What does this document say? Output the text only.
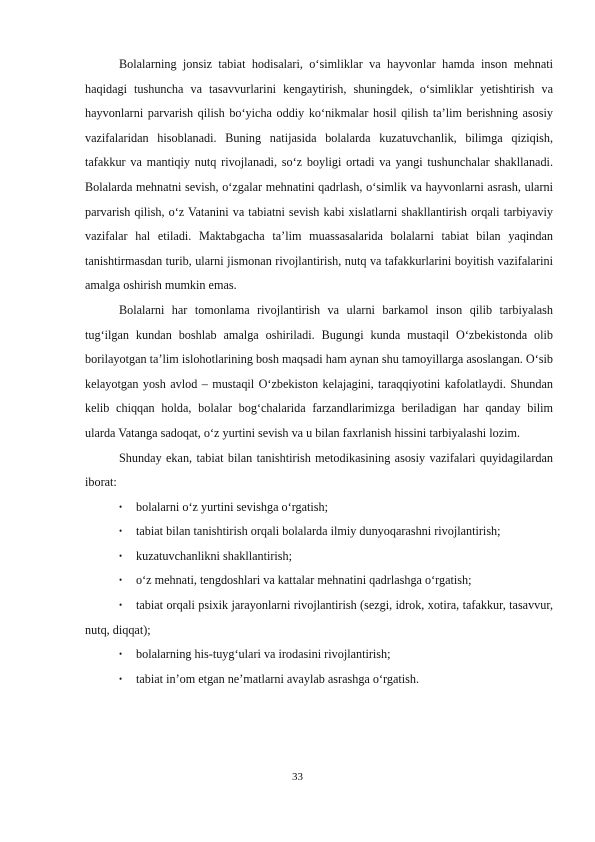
Bolalarning jonsiz tabiat hodisalari, o‘simliklar va hayvonlar hamda inson mehnati haqidagi tushuncha va tasavvurlarini kengaytirish, shuningdek, o‘simliklar yetishtirish va hayvonlarni parvarish qilish bo‘yicha oddiy ko‘nikmalar hosil qilish ta’lim berishning asosiy vazifalaridan hisoblanadi. Buning natijasida bolalarda kuzatuvchanlik, bilimga qiziqish, tafakkur va mantiqiy nutq rivojlanadi, so‘z boyligi ortadi va yangi tushunchalar shakllanadi. Bolalarda mehnatni sevish, o‘zgalar mehnatini qadrlash, o‘simlik va hayvonlarni asrash, ularni parvarish qilish, o‘z Vatanini va tabiatni sevish kabi xislatlarni shakllantirish orqali tarbiyaviy vazifalar hal etiladi. Maktabgacha ta’lim muassasalarida bolalarni tabiat bilan yaqindan tanishtirmasdan turib, ularni jismonan rivojlantirish, nutq va tafakkurlarini boyitish vazifalarini amalga oshirish mumkin emas.

Bolalarni har tomonlama rivojlantirish va ularni barkamol inson qilib tarbiyalash tug‘ilgan kundan boshlab amalga oshiriladi. Bugungi kunda mustaqil O‘zbekistonda olib borilayotgan ta’lim islohotlarining bosh maqsadi ham aynan shu tamoyillarga asoslangan. O‘sib kelayotgan yosh avlod – mustaqil O‘zbekiston kelajagini, taraqqiyotini kafolatlaydi. Shundan kelib chiqqan holda, bolalar bog‘chalarida farzandlarimizga beriladigan har qanday bilim ularda Vatanga sadoqat, o‘z yurtini sevish va u bilan faxrlanish hissini tarbiyalashi lozim.

Shunday ekan, tabiat bilan tanishtirish metodikasining asosiy vazifalari quyidagilardan iborat:

• bolalarni o‘z yurtini sevishga o‘rgatish;
• tabiat bilan tanishtirish orqali bolalarda ilmiy dunyoqarashni rivojlantirish;
• kuzatuvchanlikni shakllantirish;
• o‘z mehnati, tengdoshlari va kattalar mehnatini qadrlashga o‘rgatish;
• tabiat orqali psixik jarayonlarni rivojlantirish (sezgi, idrok, xotira, tafakkur, tasavvur, nutq, diqqat);
• bolalarning his-tuyg‘ulari va irodasini rivojlantirish;
• tabiat in’om etgan ne’matlarni avaylab asrashga o‘rgatish.
33
